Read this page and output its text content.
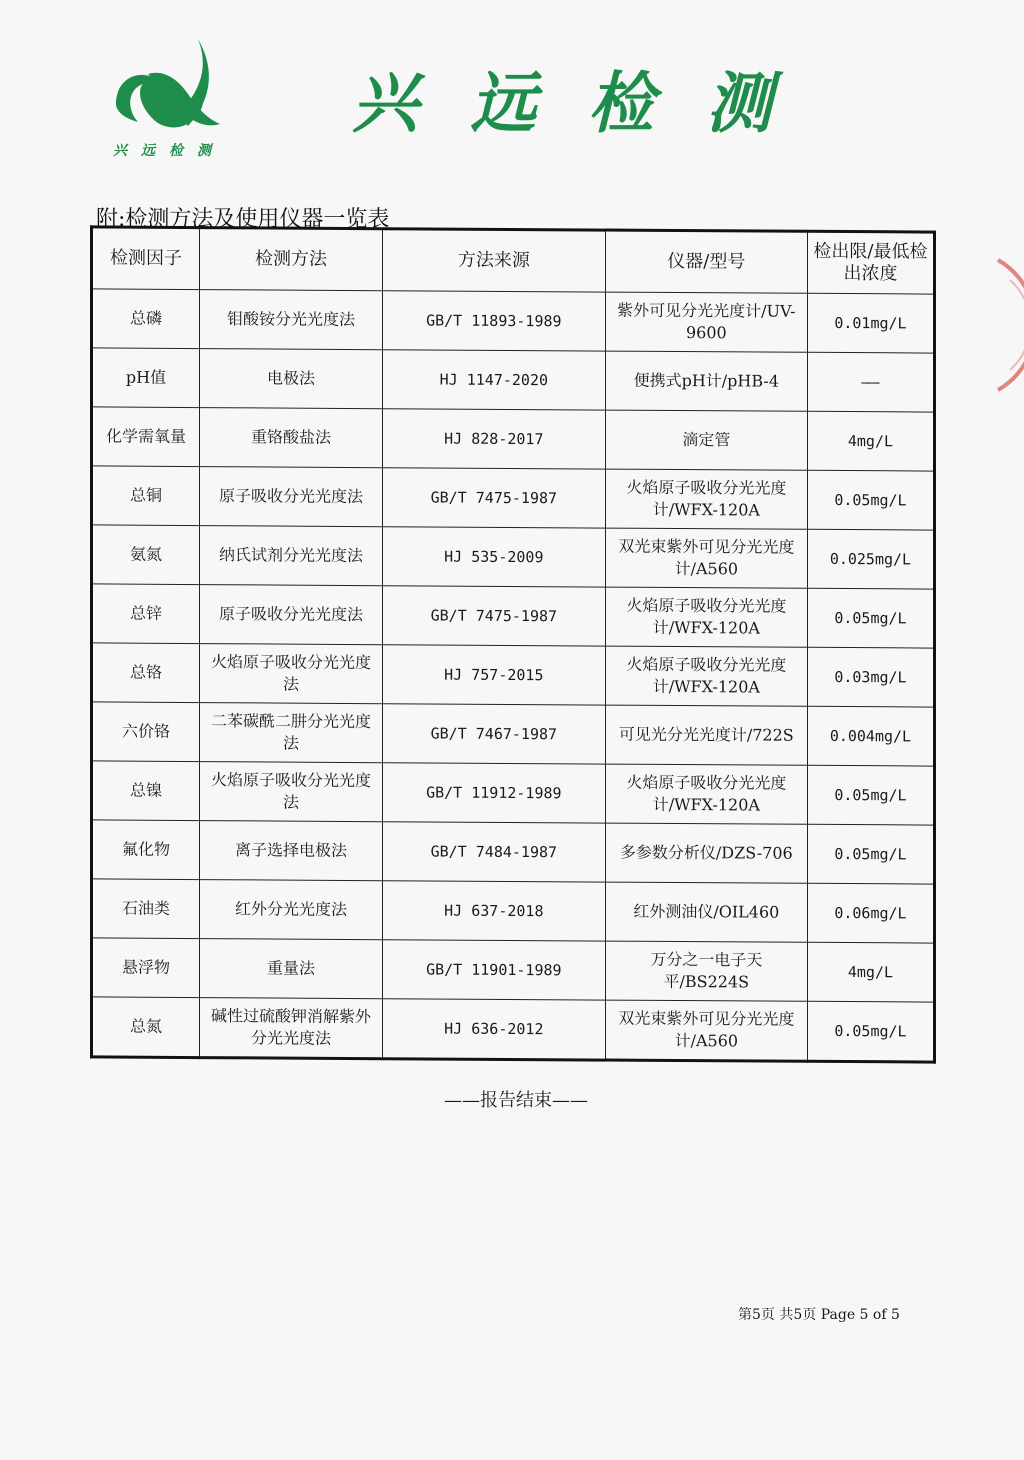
兴远检测
兴远检测
附:检测方法及使用仪器一览表
检测因子	检测方法	方法来源	仪器/型号	检出限/最低检出浓度
总磷	钼酸铵分光光度法	GB/T 11893-1989	紫外可见分光光度计/UV-9600	0.01mg/L
pH值	电极法	HJ 1147-2020	便携式pH计/pHB-4	——
化学需氧量	重铬酸盐法	HJ 828-2017	滴定管	4mg/L
总铜	原子吸收分光光度法	GB/T 7475-1987	火焰原子吸收分光光度计/WFX-120A	0.05mg/L
氨氮	纳氏试剂分光光度法	HJ 535-2009	双光束紫外可见分光光度计/A560	0.025mg/L
总锌	原子吸收分光光度法	GB/T 7475-1987	火焰原子吸收分光光度计/WFX-120A	0.05mg/L
总铬	火焰原子吸收分光光度法	HJ 757-2015	火焰原子吸收分光光度计/WFX-120A	0.03mg/L
六价铬	二苯碳酰二肼分光光度法	GB/T 7467-1987	可见光分光光度计/722S	0.004mg/L
总镍	火焰原子吸收分光光度法	GB/T 11912-1989	火焰原子吸收分光光度计/WFX-120A	0.05mg/L
氟化物	离子选择电极法	GB/T 7484-1987	多参数分析仪/DZS-706	0.05mg/L
石油类	红外分光光度法	HJ 637-2018	红外测油仪/OIL460	0.06mg/L
悬浮物	重量法	GB/T 11901-1989	万分之一电子天平/BS224S	4mg/L
总氮	碱性过硫酸钾消解紫外分光光度法	HJ 636-2012	双光束紫外可见分光光度计/A560	0.05mg/L
——报告结束——
第5页 共5页 Page 5 of 5
